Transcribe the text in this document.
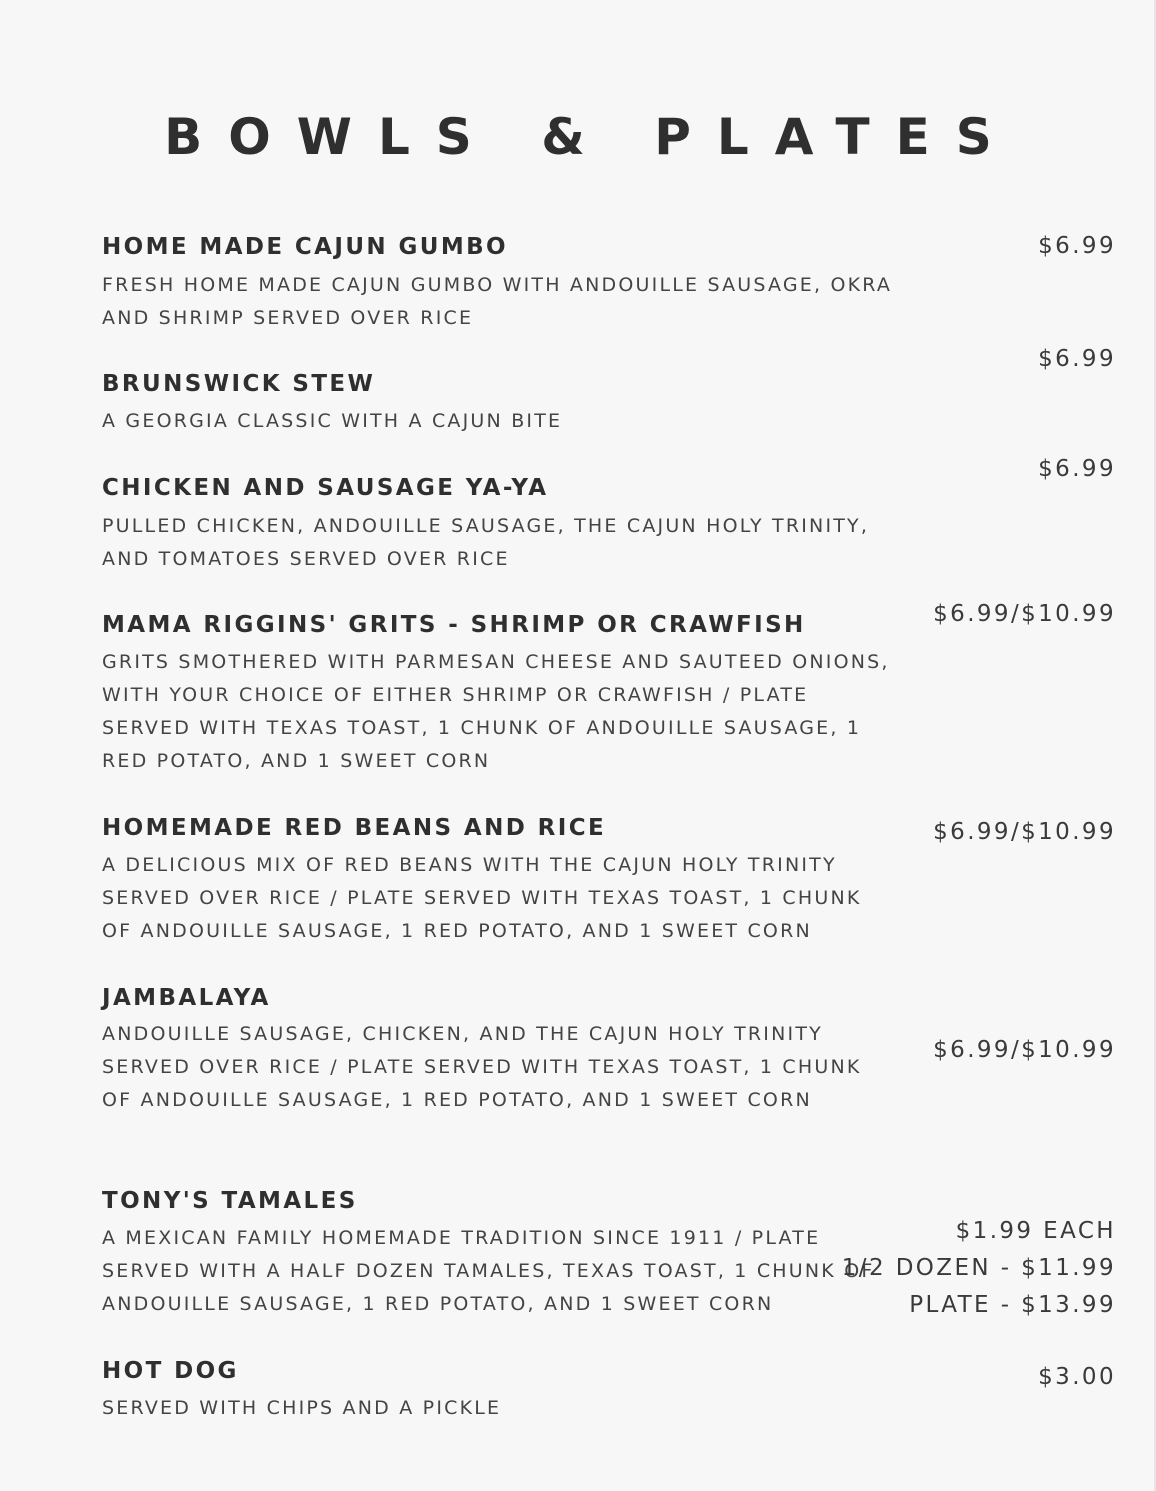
BOWLS & PLATES
HOME MADE CAJUN GUMBO
FRESH HOME MADE CAJUN GUMBO WITH ANDOUILLE SAUSAGE, OKRA
AND SHRIMP SERVED OVER RICE
$6.99
BRUNSWICK STEW
A GEORGIA CLASSIC WITH A CAJUN BITE
$6.99
CHICKEN AND SAUSAGE YA-YA
PULLED CHICKEN, ANDOUILLE SAUSAGE, THE CAJUN HOLY TRINITY,
AND TOMATOES SERVED OVER RICE
$6.99
MAMA RIGGINS' GRITS - SHRIMP OR CRAWFISH
GRITS SMOTHERED WITH PARMESAN CHEESE AND SAUTEED ONIONS,
WITH YOUR CHOICE OF EITHER SHRIMP OR CRAWFISH / PLATE
SERVED WITH TEXAS TOAST, 1 CHUNK OF ANDOUILLE SAUSAGE, 1
RED POTATO, AND 1 SWEET CORN
$6.99/$10.99
HOMEMADE RED BEANS AND RICE
A DELICIOUS MIX OF RED BEANS WITH THE CAJUN HOLY TRINITY
SERVED OVER RICE / PLATE SERVED WITH TEXAS TOAST, 1 CHUNK
OF ANDOUILLE SAUSAGE, 1 RED POTATO, AND 1 SWEET CORN
$6.99/$10.99
JAMBALAYA
ANDOUILLE SAUSAGE, CHICKEN, AND THE CAJUN HOLY TRINITY
SERVED OVER RICE / PLATE SERVED WITH TEXAS TOAST, 1 CHUNK
OF ANDOUILLE SAUSAGE, 1 RED POTATO, AND 1 SWEET CORN
$6.99/$10.99
TONY'S TAMALES
A MEXICAN FAMILY HOMEMADE TRADITION SINCE 1911 / PLATE
SERVED WITH A HALF DOZEN TAMALES, TEXAS TOAST, 1 CHUNK OF
ANDOUILLE SAUSAGE, 1 RED POTATO, AND 1 SWEET CORN
$1.99 EACH
1/2 DOZEN - $11.99
PLATE - $13.99
HOT DOG
SERVED WITH CHIPS AND A PICKLE
$3.00
